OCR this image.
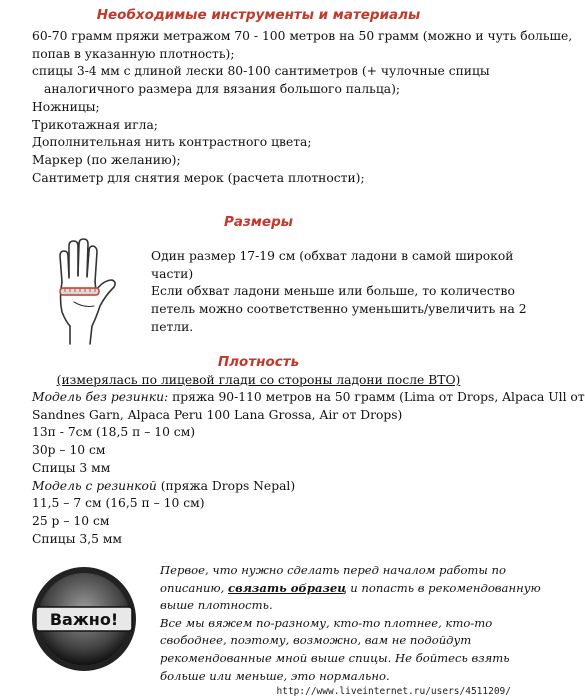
Необходимые инструменты и материалы
60-70 грамм пряжи метражом 70 - 100 метров на 50 грамм (можно и чуть больше,
попав в указанную плотность);
спицы 3-4 мм с длиной лески 80-100 сантиметров (+ чулочные спицы
аналогичного размера для вязания большого пальца);
Ножницы;
Трикотажная игла;
Дополнительная нить контрастного цвета;
Маркер (по желанию);
Сантиметр для снятия мерок (расчета плотности);
Размеры
Один размер 17-19 см (обхват ладони в самой широкой
части)
Если обхват ладони меньше или больше, то количество
петель можно соответственно уменьшить/увеличить на 2
петли.
Плотность
(измерялась по лицевой глади со стороны ладони после ВТО)
Модель без резинки: пряжа 90-110 метров на 50 грамм (Lima от Drops, Alpaca Ull от
Sandnes Garn, Alpaca Peru 100 Lana Grossa, Air от Drops)
13п - 7см (18,5 п – 10 см)
30р – 10 см
Спицы 3 мм
Модель с резинкой (пряжа Drops Nepal)
11,5 – 7 см (16,5 п – 10 см)
25 р – 10 см
Спицы 3,5 мм
Важно!
Первое, что нужно сделать перед началом работы по
описанию, связать образец и попасть в рекомендованную
выше плотность.
Все мы вяжем по-разному, кто-то плотнее, кто-то
свободнее, поэтому, возможно, вам не подойдут
рекомендованные мной выше спицы. Не бойтесь взять
больше или меньше, это нормально.
http://www.liveinternet.ru/users/4511209/
